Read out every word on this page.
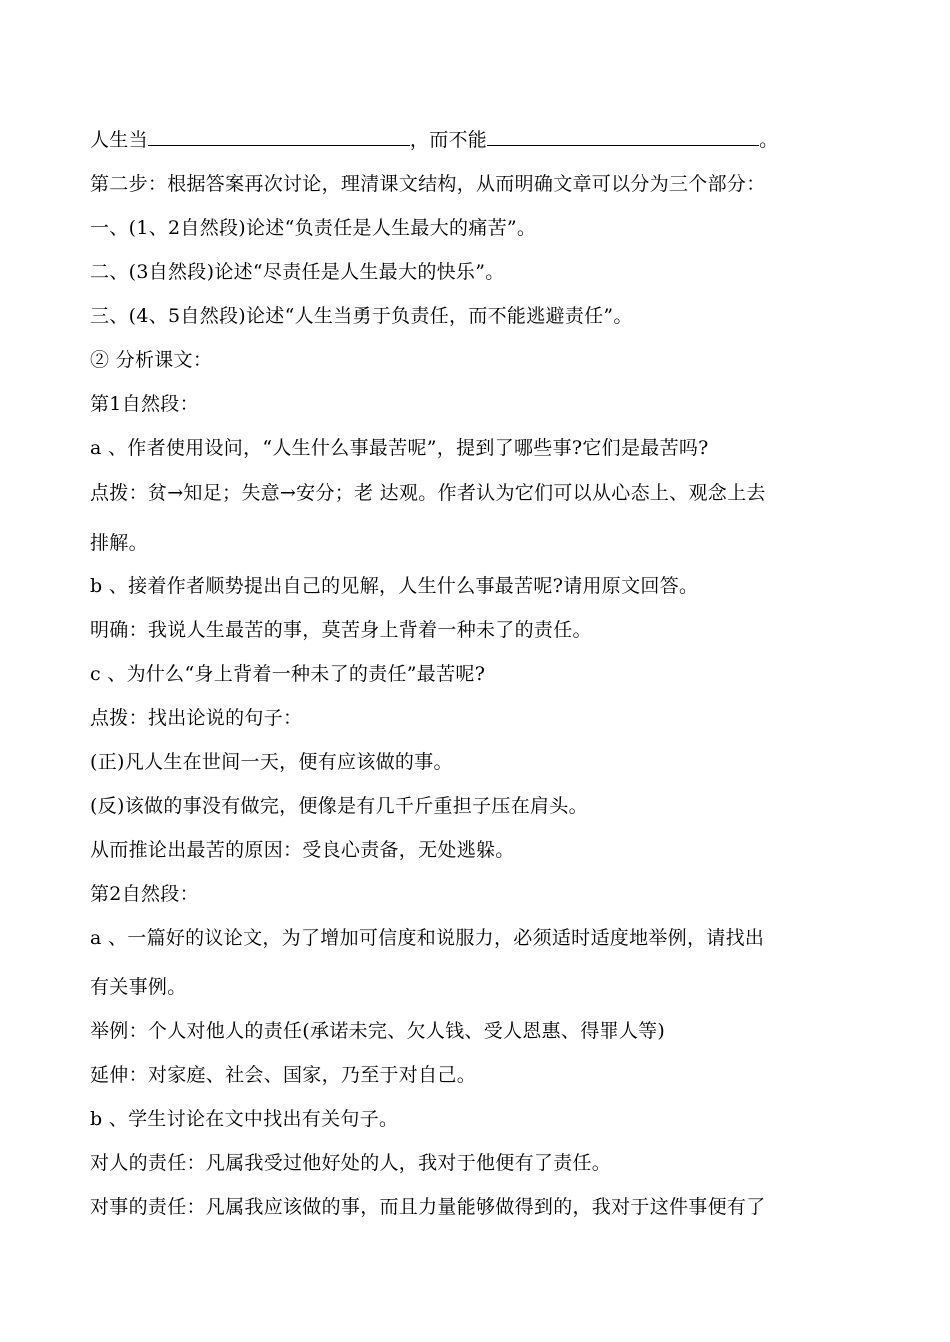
人生当	，而不能	。
第二步：根据答案再次讨论，理清课文结构，从而明确文章可以分为三个部分：
一、(1、2自然段)论述“负责任是人生最大的痛苦”。
二、(3自然段)论述“尽责任是人生最大的快乐”。
三、(4、5自然段)论述“人生当勇于负责任，而不能逃避责任”。
② 分析课文：
第1自然段：
a 、作者使用设问，“人生什么事最苦呢”，提到了哪些事?它们是最苦吗?
点拨：贫→知足；失意→安分；老 达观。作者认为它们可以从心态上、观念上去
排解。
b 、接着作者顺势提出自己的见解，人生什么事最苦呢?请用原文回答。
明确：我说人生最苦的事，莫苦身上背着一种未了的责任。
c 、为什么“身上背着一种未了的责任”最苦呢?
点拨：找出论说的句子：
(正)凡人生在世间一天，便有应该做的事。
(反)该做的事没有做完，便像是有几千斤重担子压在肩头。
从而推论出最苦的原因：受良心责备，无处逃躲。
第2自然段：
a 、一篇好的议论文，为了增加可信度和说服力，必须适时适度地举例，请找出
有关事例。
举例：个人对他人的责任(承诺未完、欠人钱、受人恩惠、得罪人等)
延伸：对家庭、社会、国家，乃至于对自己。
b 、学生讨论在文中找出有关句子。
对人的责任：凡属我受过他好处的人，我对于他便有了责任。
对事的责任：凡属我应该做的事，而且力量能够做得到的，我对于这件事便有了
